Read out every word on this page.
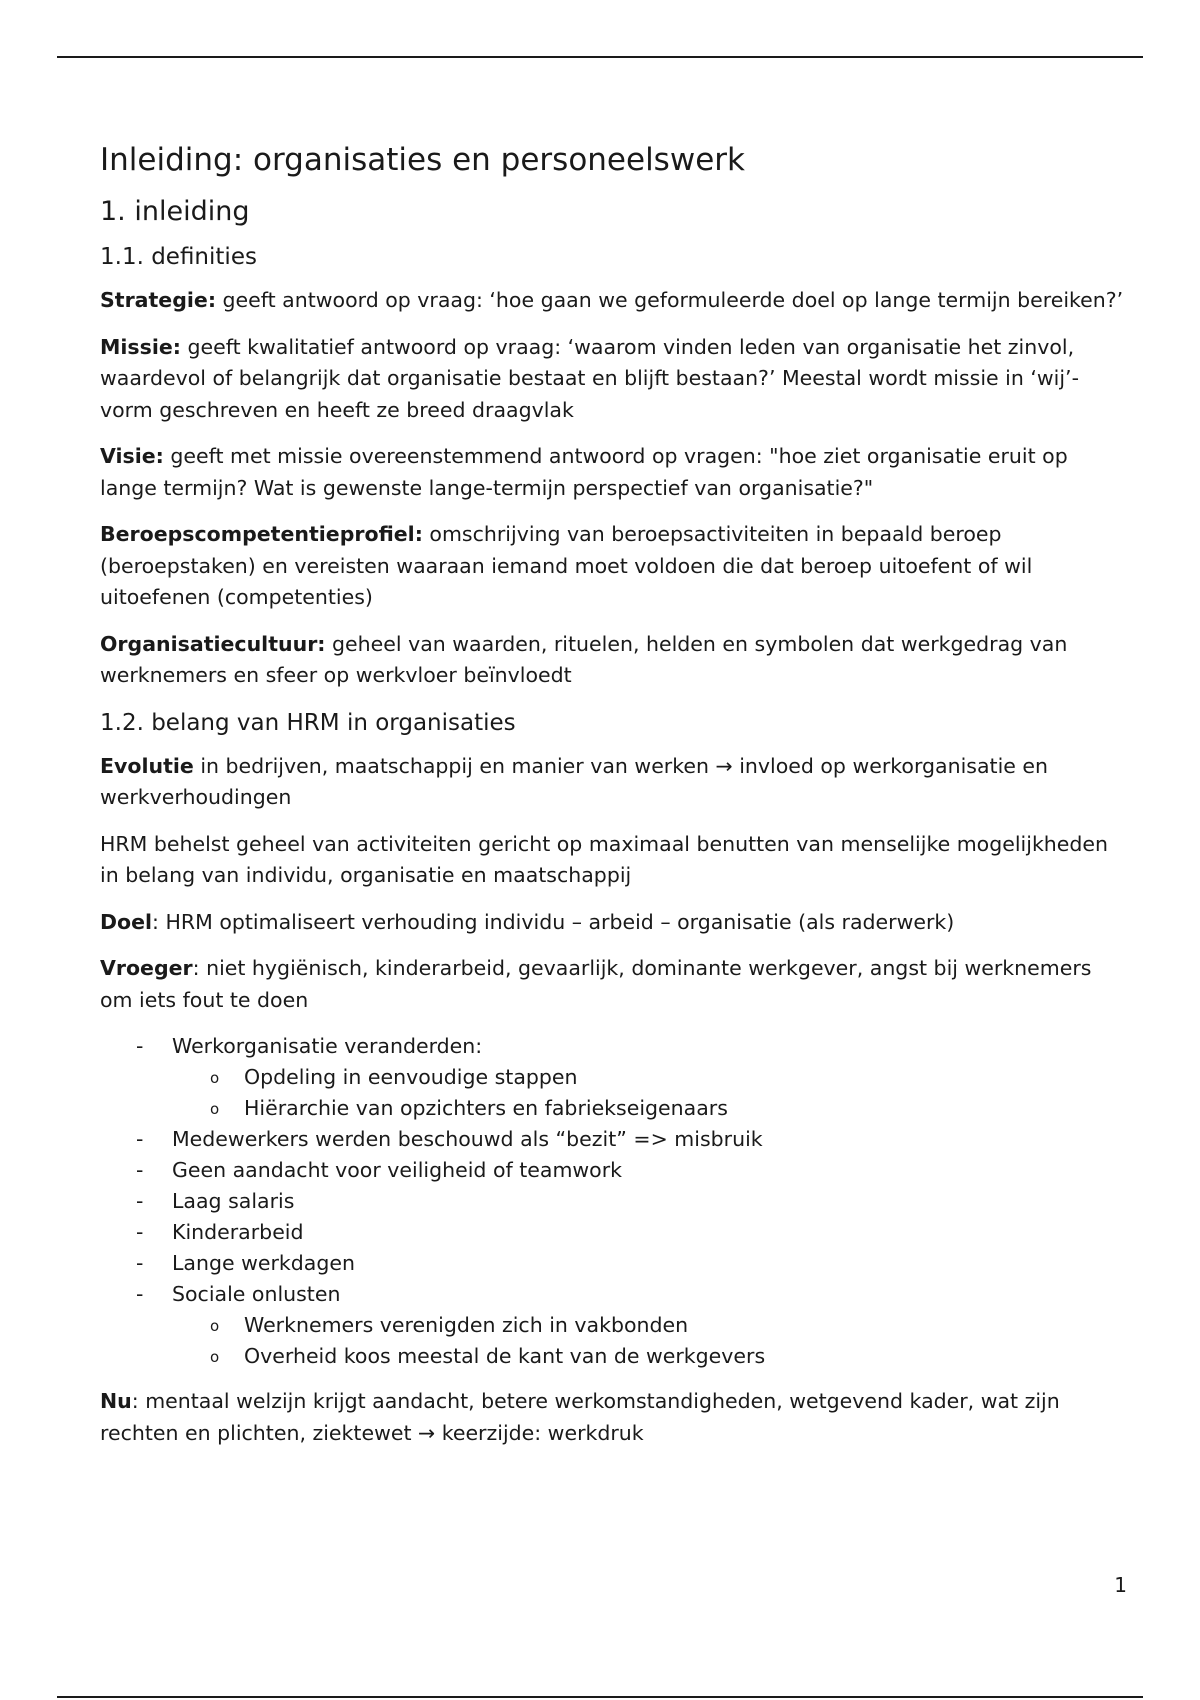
Inleiding: organisaties en personeelswerk
1. inleiding
1.1. definities

Strategie: geeft antwoord op vraag: ‘hoe gaan we geformuleerde doel op lange termijn bereiken?’

Missie: geeft kwalitatief antwoord op vraag: ‘waarom vinden leden van organisatie het zinvol, waardevol of belangrijk dat organisatie bestaat en blijft bestaan?’ Meestal wordt missie in ‘wij’-vorm geschreven en heeft ze breed draagvlak

Visie: geeft met missie overeenstemmend antwoord op vragen: "hoe ziet organisatie eruit op lange termijn? Wat is gewenste lange-termijn perspectief van organisatie?"

Beroepscompetentieprofiel: omschrijving van beroepsactiviteiten in bepaald beroep (beroepstaken) en vereisten waaraan iemand moet voldoen die dat beroep uitoefent of wil uitoefenen (competenties)

Organisatiecultuur: geheel van waarden, rituelen, helden en symbolen dat werkgedrag van werknemers en sfeer op werkvloer beïnvloedt

1.2. belang van HRM in organisaties

Evolutie in bedrijven, maatschappij en manier van werken → invloed op werkorganisatie en werkverhoudingen

HRM behelst geheel van activiteiten gericht op maximaal benutten van menselijke mogelijkheden in belang van individu, organisatie en maatschappij

Doel: HRM optimaliseert verhouding individu – arbeid – organisatie (als raderwerk)

Vroeger: niet hygiënisch, kinderarbeid, gevaarlijk, dominante werkgever, angst bij werknemers om iets fout te doen

- Werkorganisatie veranderden:
o Opdeling in eenvoudige stappen
o Hiërarchie van opzichters en fabriekseigenaars
- Medewerkers werden beschouwd als “bezit” => misbruik
- Geen aandacht voor veiligheid of teamwork
- Laag salaris
- Kinderarbeid
- Lange werkdagen
- Sociale onlusten
o Werknemers verenigden zich in vakbonden
o Overheid koos meestal de kant van de werkgevers

Nu: mentaal welzijn krijgt aandacht, betere werkomstandigheden, wetgevend kader, wat zijn rechten en plichten, ziektewet → keerzijde: werkdruk

1
